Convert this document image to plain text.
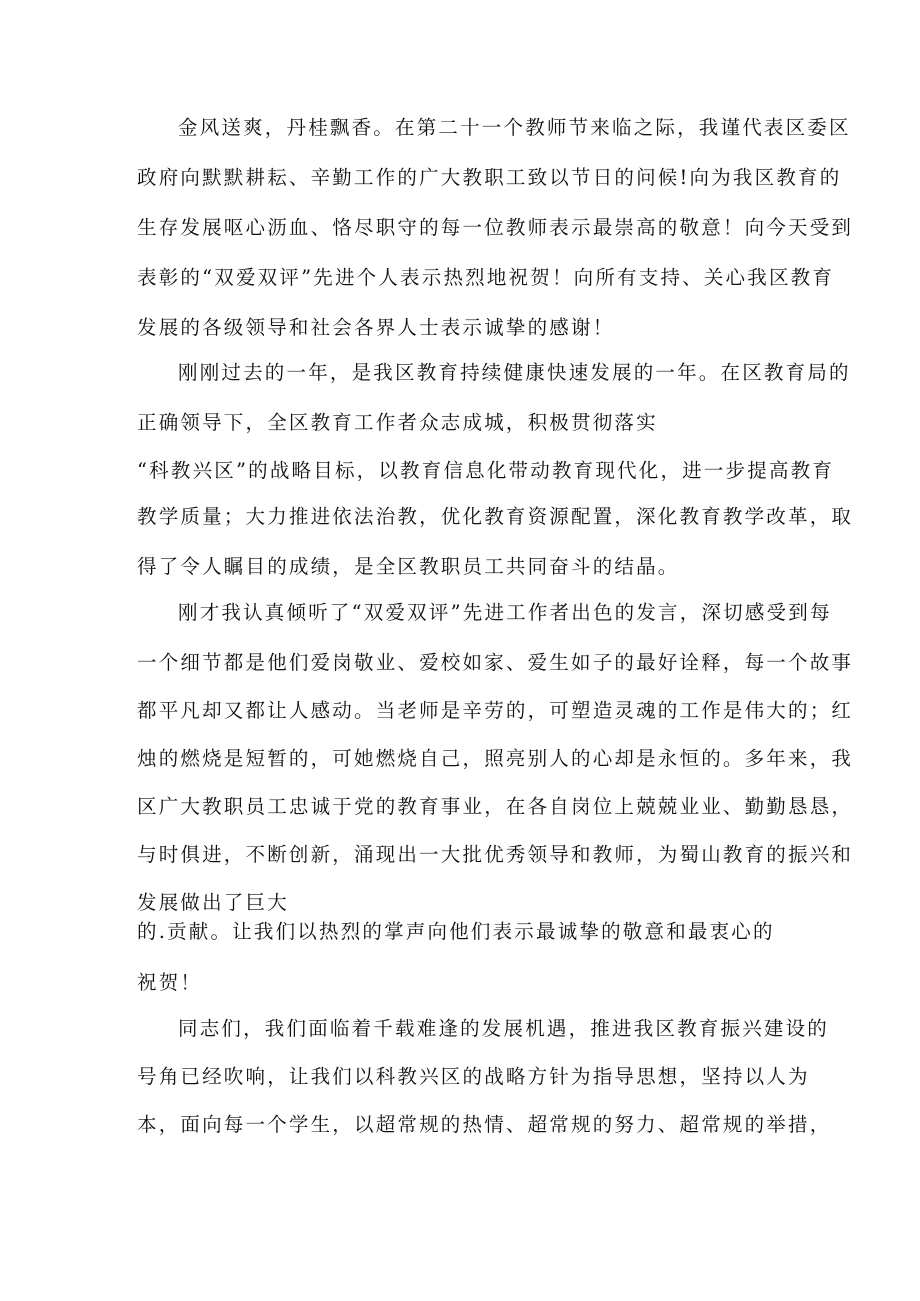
金风送爽，丹桂飘香。在第二十一个教师节来临之际，我谨代表区委区

政府向默默耕耘、辛勤工作的广大教职工致以节日的问候!向为我区教育的

生存发展呕心沥血、恪尽职守的每一位教师表示最崇高的敬意！向今天受到

表彰的“双爱双评”先进个人表示热烈地祝贺！向所有支持、关心我区教育

发展的各级领导和社会各界人士表示诚挚的感谢！

刚刚过去的一年，是我区教育持续健康快速发展的一年。在区教育局的

正确领导下，全区教育工作者众志成城，积极贯彻落实

“科教兴区”的战略目标，以教育信息化带动教育现代化，进一步提高教育

教学质量；大力推进依法治教，优化教育资源配置，深化教育教学改革，取

得了令人瞩目的成绩，是全区教职员工共同奋斗的结晶。

刚才我认真倾听了“双爱双评”先进工作者出色的发言，深切感受到每

一个细节都是他们爱岗敬业、爱校如家、爱生如子的最好诠释，每一个故事

都平凡却又都让人感动。当老师是辛劳的，可塑造灵魂的工作是伟大的；红

烛的燃烧是短暂的，可她燃烧自己，照亮别人的心却是永恒的。多年来，我

区广大教职员工忠诚于党的教育事业，在各自岗位上兢兢业业、勤勤恳恳，

与时俱进，不断创新，涌现出一大批优秀领导和教师，为蜀山教育的振兴和

发展做出了巨大

的.贡献。让我们以热烈的掌声向他们表示最诚挚的敬意和最衷心的

祝贺！

同志们，我们面临着千载难逢的发展机遇，推进我区教育振兴建设的

号角已经吹响，让我们以科教兴区的战略方针为指导思想，坚持以人为

本，面向每一个学生，以超常规的热情、超常规的努力、超常规的举措，
